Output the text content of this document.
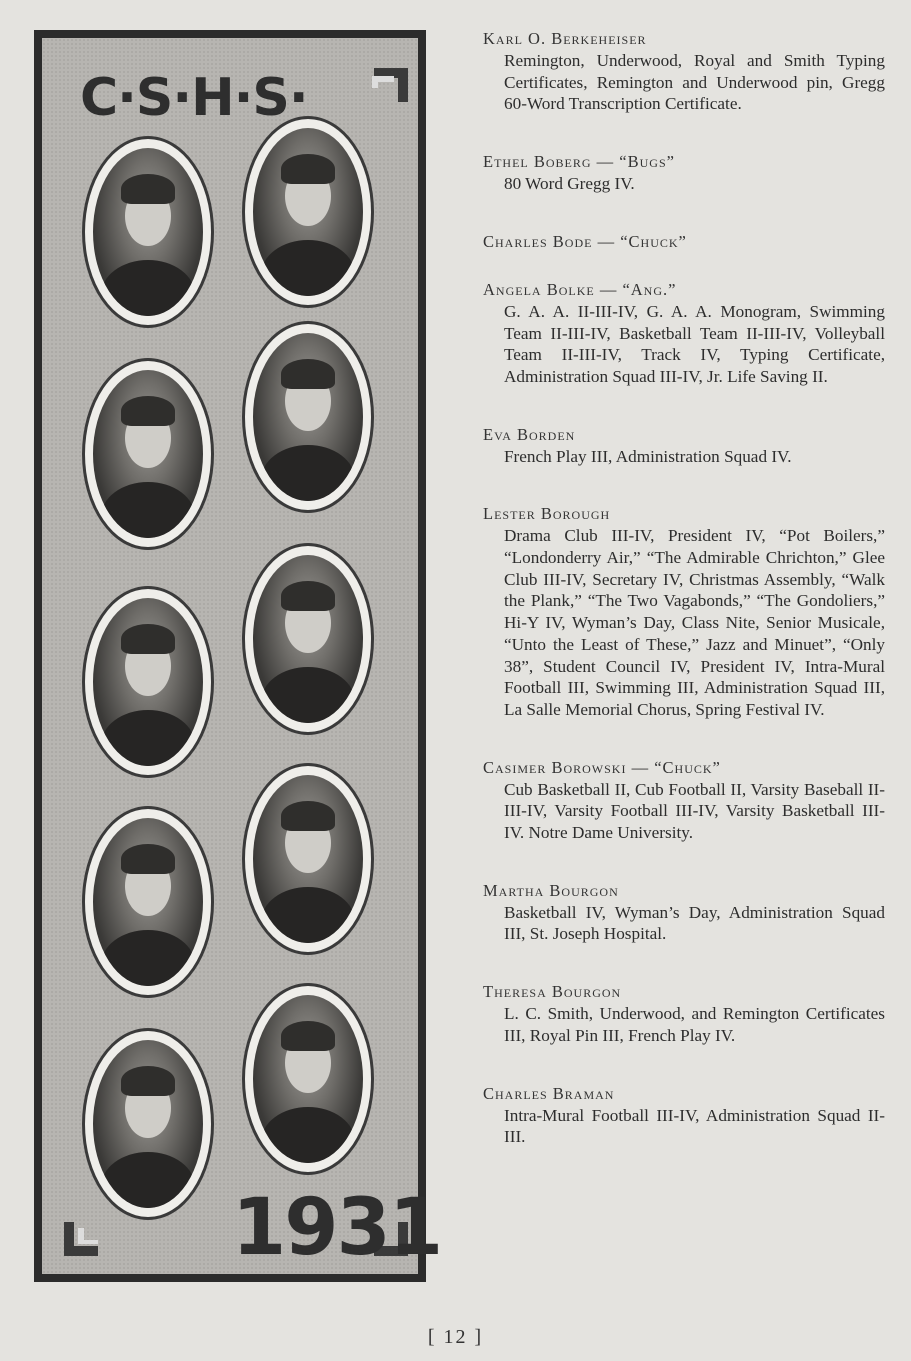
C·S·H·S·
1931
Karl O. Berkeheiser
Remington, Underwood, Royal and Smith Typing Certificates, Remington and Underwood pin, Gregg 60-Word Transcription Certificate.
Ethel Boberg — “Bugs”
80 Word Gregg IV.
Charles Bode — “Chuck”
Angela Bolke — “Ang.”
G. A. A. II-III-IV, G. A. A. Monogram, Swimming Team II-III-IV, Basketball Team II-III-IV, Volleyball Team II-III-IV, Track IV, Typing Certificate, Administration Squad III-IV, Jr. Life Saving II.
Eva Borden
French Play III, Administration Squad IV.
Lester Borough
Drama Club III-IV, President IV, “Pot Boilers,” “Londonderry Air,” “The Admirable Chrichton,” Glee Club III-IV, Secretary IV, Christmas Assembly, “Walk the Plank,” “The Two Vagabonds,” “The Gondoliers,” Hi-Y IV, Wyman’s Day, Class Nite, Senior Musicale, “Unto the Least of These,” Jazz and Minuet”, “Only 38”, Student Council IV, President IV, Intra-Mural Football III, Swimming III, Administration Squad III, La Salle Memorial Chorus, Spring Festival IV.
Casimer Borowski — “Chuck”
Cub Basketball II, Cub Football II, Varsity Baseball II-III-IV, Varsity Football III-IV, Varsity Basketball III-IV. Notre Dame University.
Martha Bourgon
Basketball IV, Wyman’s Day, Administration Squad III, St. Joseph Hospital.
Theresa Bourgon
L. C. Smith, Underwood, and Remington Certificates III, Royal Pin III, French Play IV.
Charles Braman
Intra-Mural Football III-IV, Administration Squad II-III.
[ 12 ]
